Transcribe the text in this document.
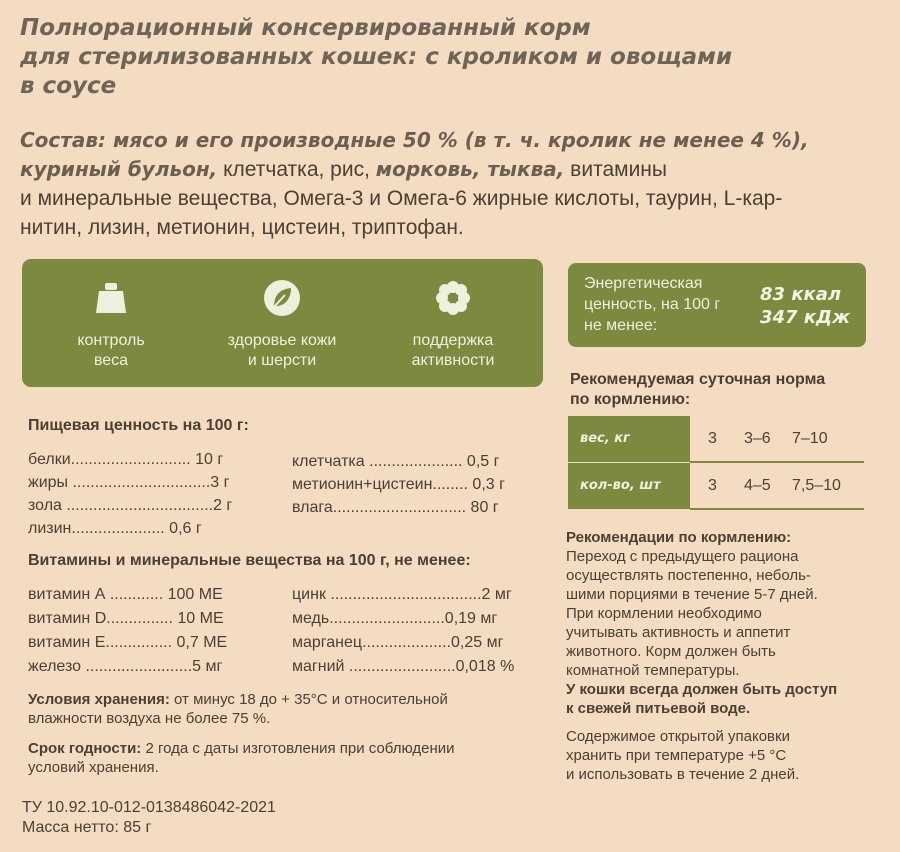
Полнорационный консервированный корм
для стерилизованных кошек: с кроликом и овощами
в соусе
Состав: мясо и его производные 50 % (в т. ч. кролик не менее 4 %),
куриный бульон, клетчатка, рис, морковь, тыква, витамины
и минеральные вещества, Омега-3 и Омега-6 жирные кислоты, таурин, L-кар-
нитин, лизин, метионин, цистеин, триптофан.
контроль
веса
здоровье кожи
и шерсти
поддержка
активности
Энергетическая
ценность, на 100 г
не менее:
83 ккал
347 кДж
Пищевая ценность на 100 г:
белки........................... 10 г
жиры ...............................3 г
зола .................................2 г
лизин..................... 0,6 г
клетчатка ..................... 0,5 г
метионин+цистеин........ 0,3 г
влага.............................. 80 г
Витамины и минеральные вещества на 100 г, не менее:
витамин А ............ 100 МЕ
витамин D............... 10 МЕ
витамин E............... 0,7 МЕ
железо ........................5 мг
цинк ..................................2 мг
медь..........................0,19 мг
марганец....................0,25 мг
магний ........................0,018 %
Условия хранения: от минус 18 до + 35°C и относительной
влажности воздуха не более 75 %.
Срок годности: 2 года с даты изготовления при соблюдении
условий хранения.
ТУ 10.92.10-012-0138486042-2021
Масса нетто: 85 г
Рекомендуемая суточная норма
по кормлению:
вес, кг	3 3–6 7–10
кол-во, шт	3 4–5 7,5–10
Рекомендации по кормлению:
Переход с предыдущего рациона
осуществлять постепенно, неболь-
шими порциями в течение 5-7 дней.
При кормлении необходимо
учитывать активность и аппетит
животного. Корм должен быть
комнатной температуры.
У кошки всегда должен быть доступ
к свежей питьевой воде.
Содержимое открытой упаковки
хранить при температуре +5 °C
и использовать в течение 2 дней.
